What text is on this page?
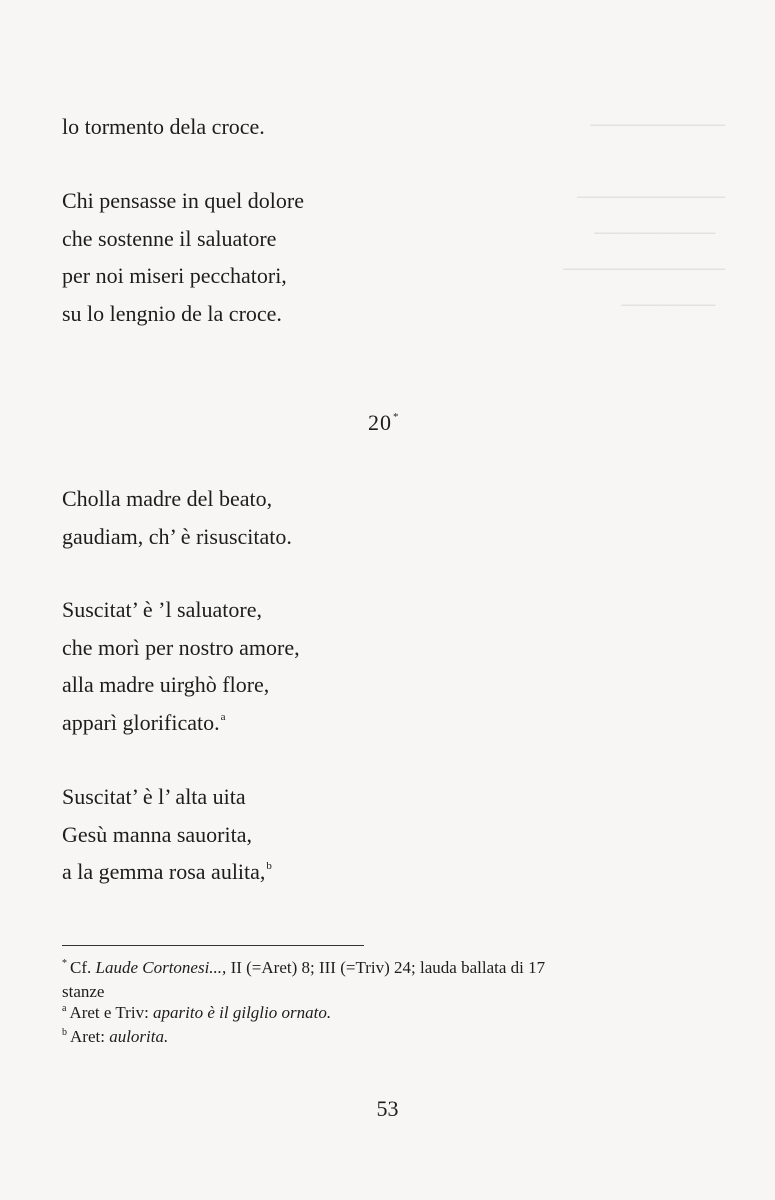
──────────

───────────
─────────
────────────
───────
lo tormento dela croce.
Chi pensasse in quel dolore
che sostenne il saluatore
per noi miseri pecchatori,
su lo lengnio de la croce.
20*
Cholla madre del beato,
gaudiam, ch’ è risuscitato.
Suscitat’ è ’l saluatore,
che morì per nostro amore,
alla madre uirghò flore,
apparì glorificato.$^a$
Suscitat’ è l’ alta uita
Gesù manna sauorita,
a la gemma rosa aulita,$^b$
* Cf. Laude Cortonesi..., II (=Aret) 8; III (=Triv) 24; lauda ballata di 17
stanze
$^a$ Aret e Triv: aparito è il gilglio ornato.
$^b$ Aret: aulorita.
53
